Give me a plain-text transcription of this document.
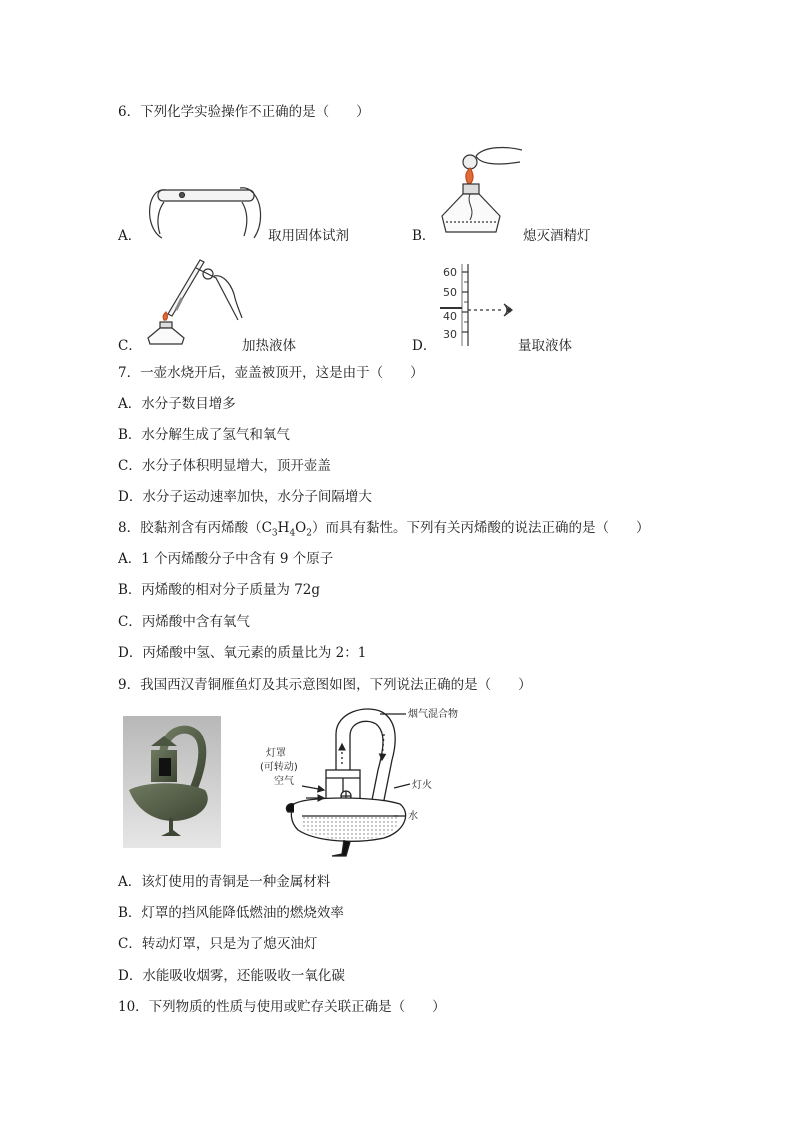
6．下列化学实验操作不正确的是（　　）
A．	取用固体试剂	B．	熄灭酒精灯
C．	加热液体	D．
60
50
40
30
量取液体
7．一壶水烧开后，壶盖被顶开，这是由于（　　）
A．水分子数目增多
B．水分解生成了氢气和氧气
C．水分子体积明显增大，顶开壶盖
D．水分子运动速率加快，水分子间隔增大
8．胶黏剂含有丙烯酸$(C_3H_4O_2)$而具有黏性。下列有关丙烯酸的说法正确的是（　　）
A．1 个丙烯酸分子中含有 9 个原子
B．丙烯酸的相对分子质量为 72g
C．丙烯酸中含有氧气
D．丙烯酸中氢、氧元素的质量比为 2：1
9．我国西汉青铜雁鱼灯及其示意图如图，下列说法正确的是（　　）
烟气混合物
灯罩
(可转动)
空气	灯火
水
A．该灯使用的青铜是一种金属材料
B．灯罩的挡风能降低燃油的燃烧效率
C．转动灯罩，只是为了熄灭油灯
D．水能吸收烟雾，还能吸收一氧化碳
10．下列物质的性质与使用或贮存关联正确是（　　）
